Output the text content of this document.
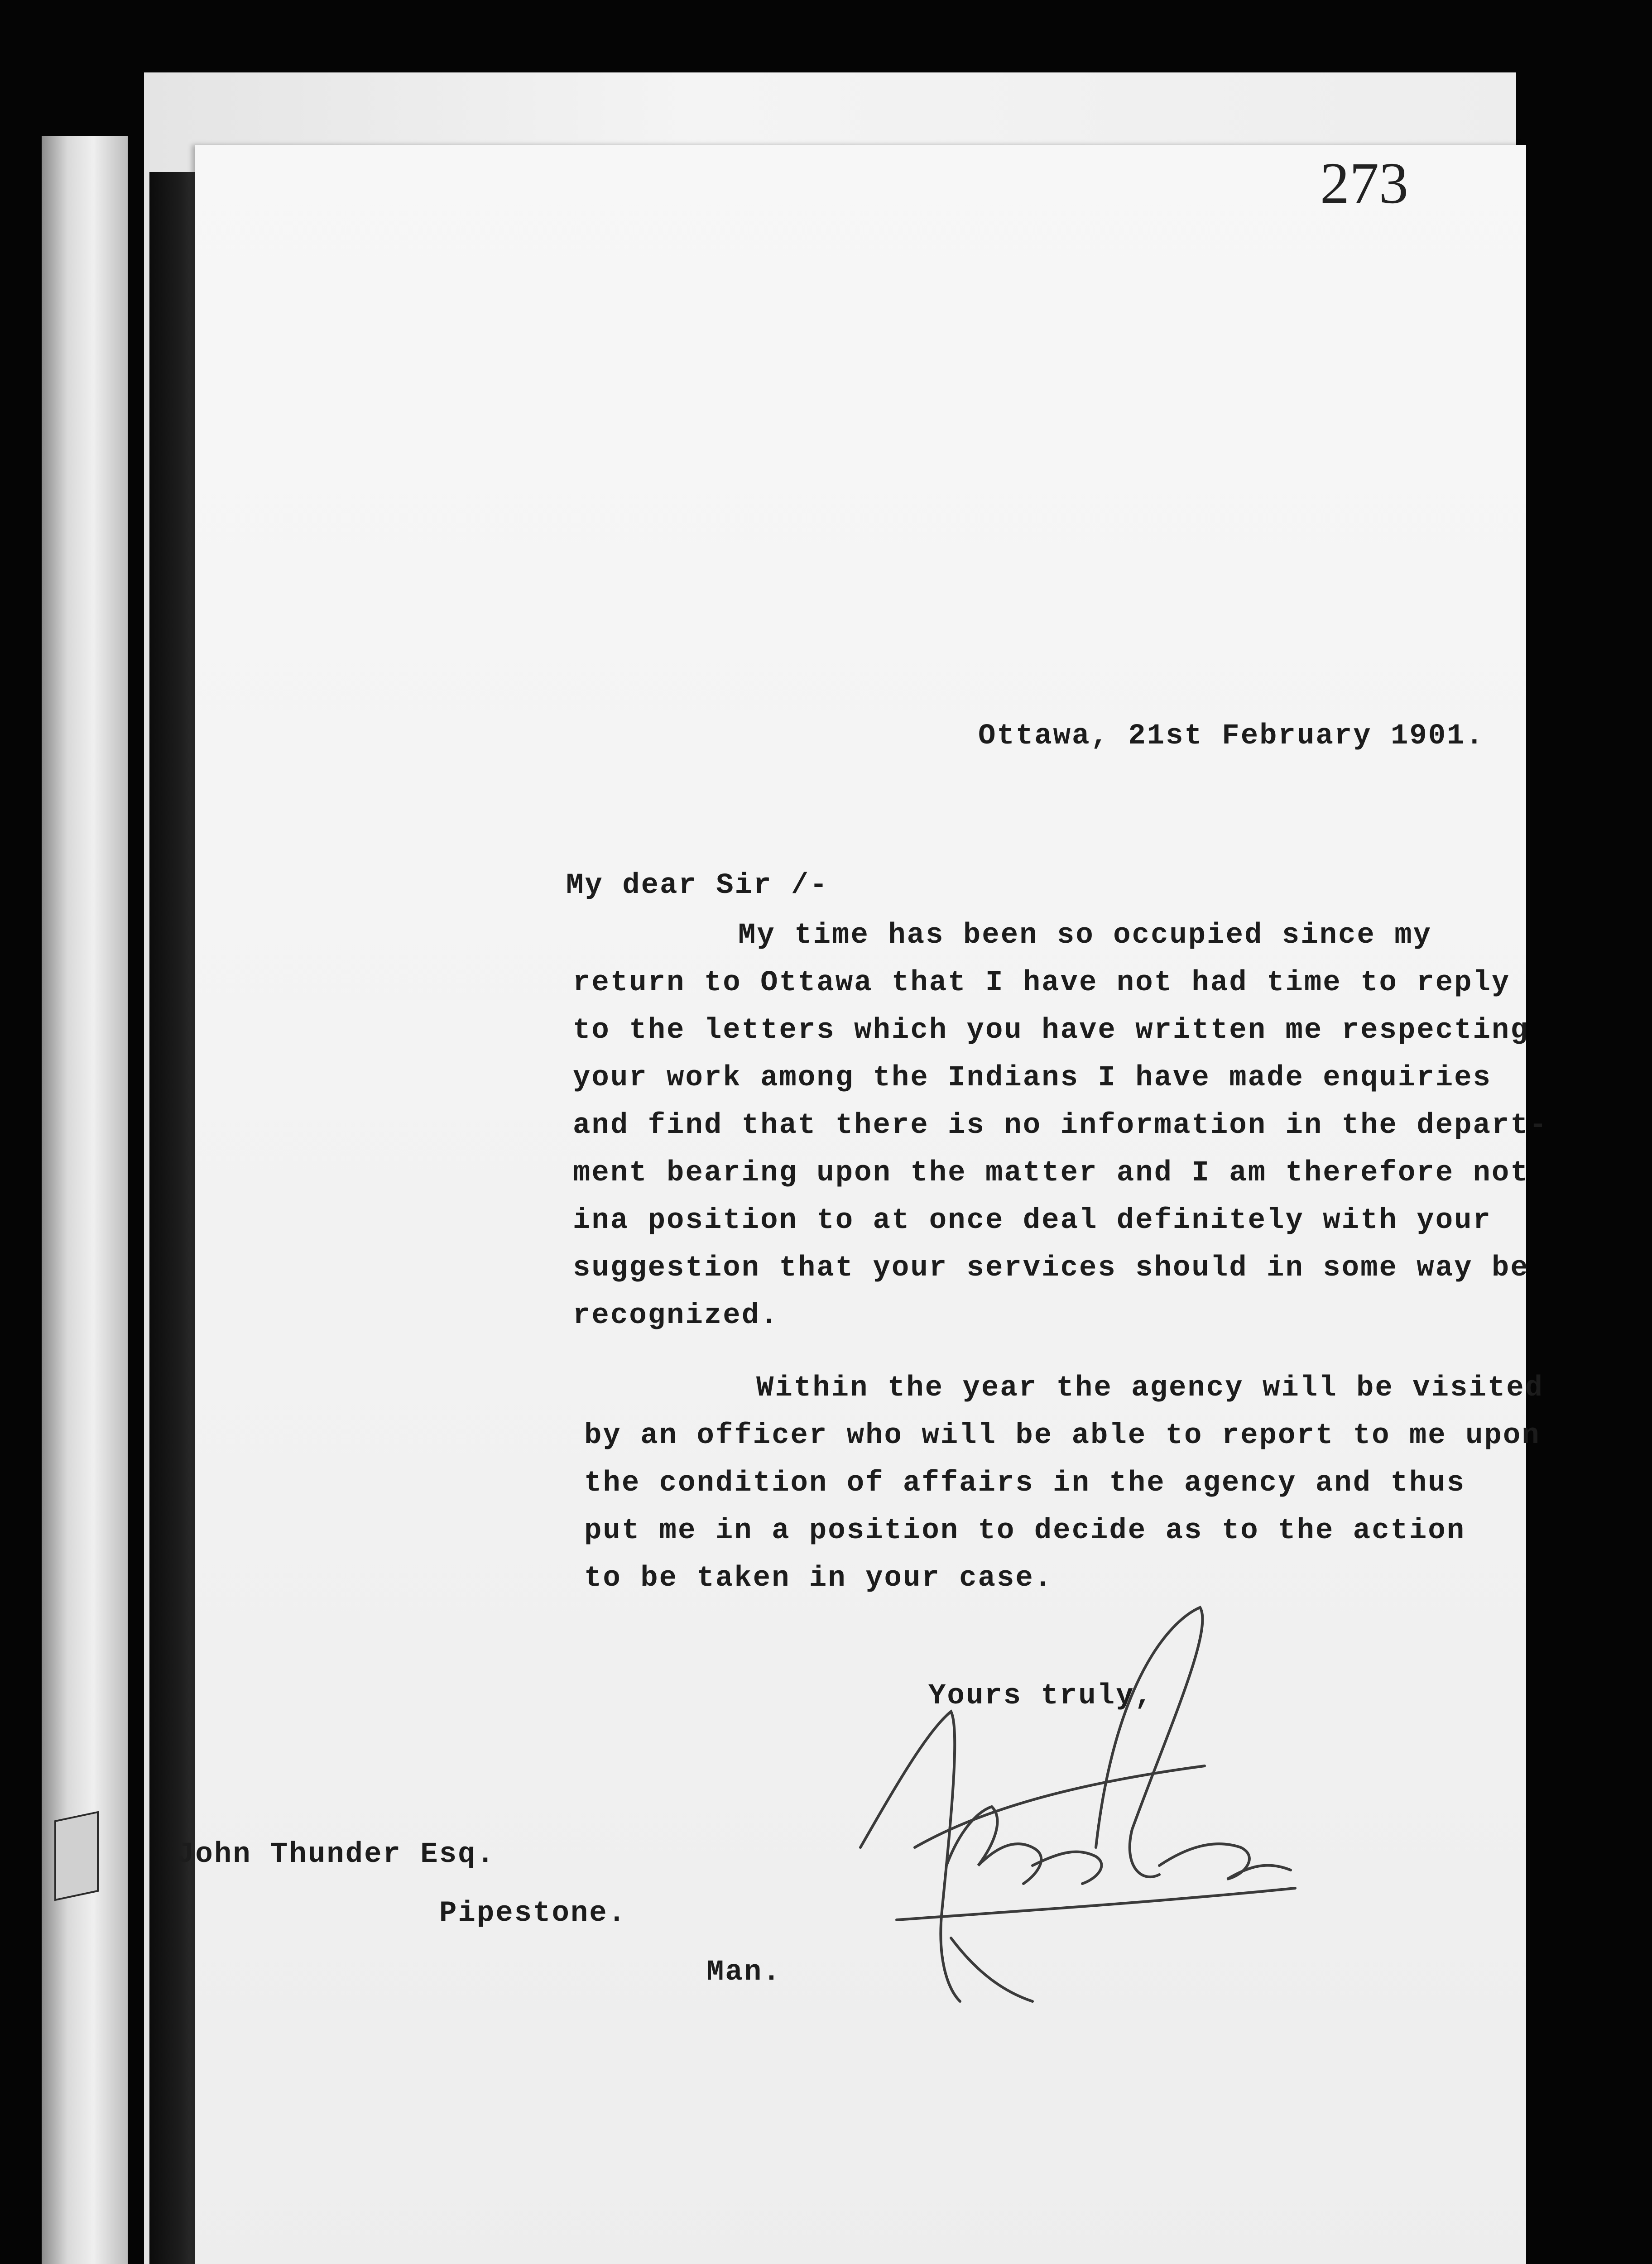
273
Ottawa, 21st February 1901.
My dear Sir /-
My time has been so occupied since my
return to Ottawa that I have not had time to reply
to the letters which you have written me respecting
your work among the Indians I have made enquiries
and find that there is no information in the depart-
ment bearing upon the matter and I am therefore not
ina position to at once deal definitely with your
suggestion that your services should in some way be
recognized.
Within the year the agency will be visited
by an officer who will be able to report to me upon
the condition of affairs in the agency and thus
put me in a position to decide as to the action
to be taken in your case.
Yours truly,
John Thunder Esq.
Pipestone.
Man.
